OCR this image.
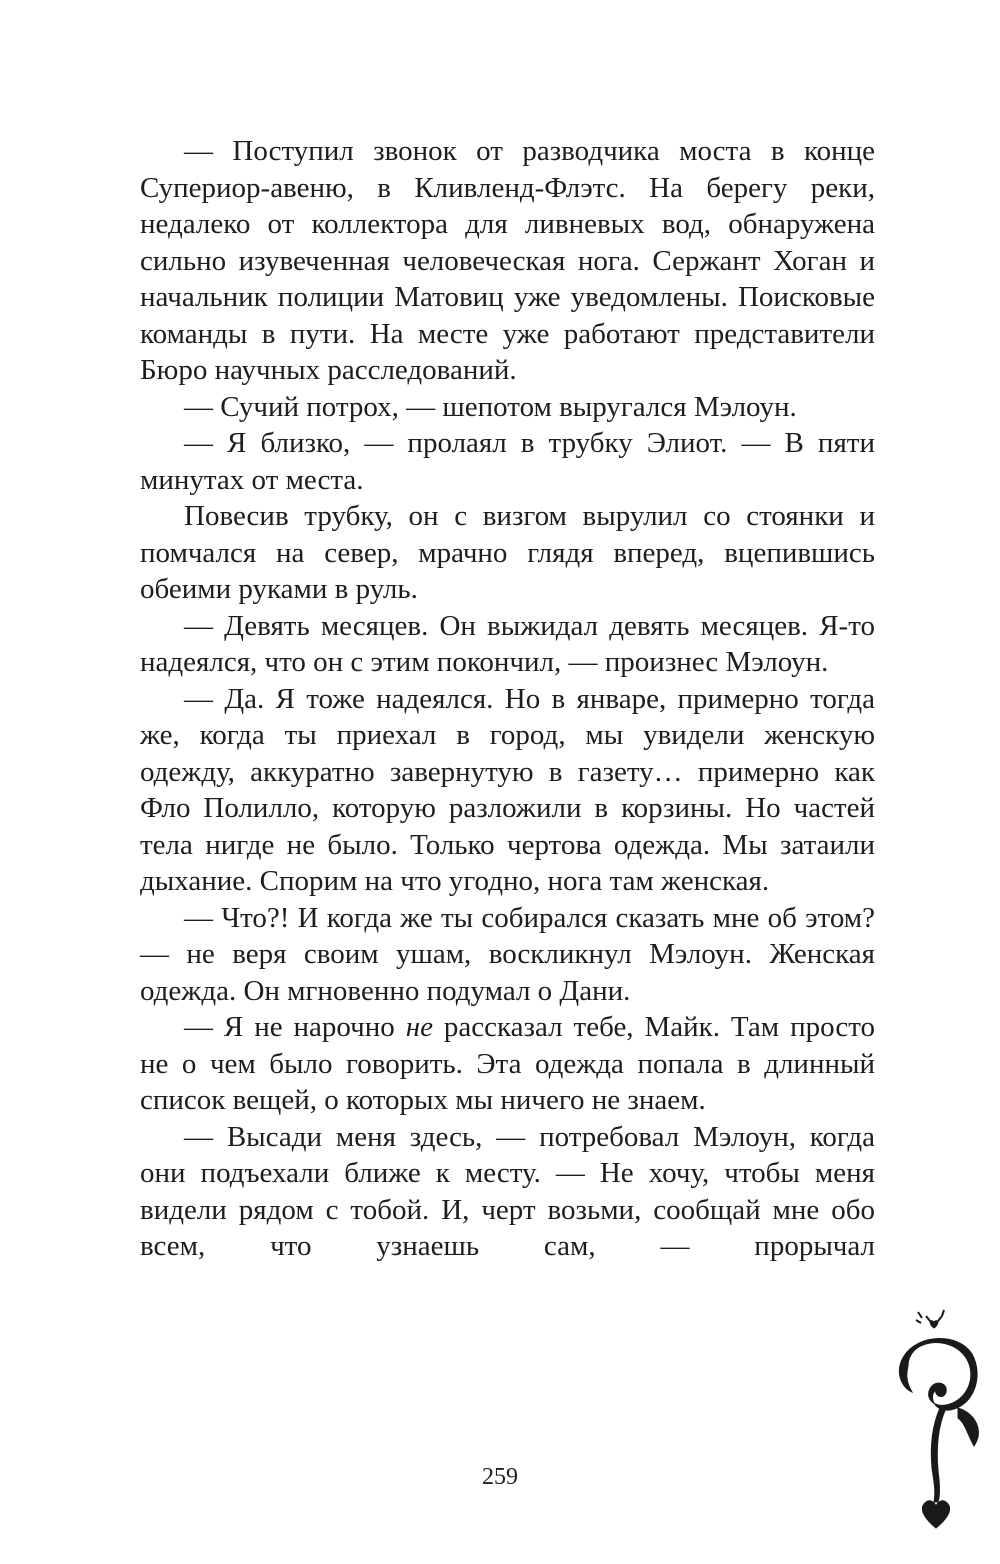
— Поступил звонок от разводчика моста в конце Супериор-авеню, в Кливленд-Флэтс. На берегу реки, недалеко от коллектора для ливневых вод, обнаружена сильно изувеченная человеческая нога. Сержант Хоган и начальник полиции Матовиц уже уведомлены. Поисковые команды в пути. На месте уже работают представители Бюро научных расследований.

— Сучий потрох, — шепотом выругался Мэлоун.

— Я близко, — пролаял в трубку Элиот. — В пяти минутах от места.

Повесив трубку, он с визгом вырулил со стоянки и помчался на север, мрачно глядя вперед, вцепившись обеими руками в руль.

— Девять месяцев. Он выжидал девять месяцев. Я-то надеялся, что он с этим покончил, — произнес Мэлоун.

— Да. Я тоже надеялся. Но в январе, примерно тогда же, когда ты приехал в город, мы увидели женскую одежду, аккуратно завернутую в газету… примерно как Фло Полилло, которую разложили в корзины. Но частей тела нигде не было. Только чертова одежда. Мы затаили дыхание. Спорим на что угодно, нога там женская.

— Что?! И когда же ты собирался сказать мне об этом? — не веря своим ушам, воскликнул Мэлоун. Женская одежда. Он мгновенно подумал о Дани.

— Я не нарочно не рассказал тебе, Майк. Там просто не о чем было говорить. Эта одежда попала в длинный список вещей, о которых мы ничего не знаем.

— Высади меня здесь, — потребовал Мэлоун, когда они подъехали ближе к месту. — Не хочу, чтобы меня видели рядом с тобой. И, черт возьми, сообщай мне обо всем, что узнаешь сам, — прорычал

259
